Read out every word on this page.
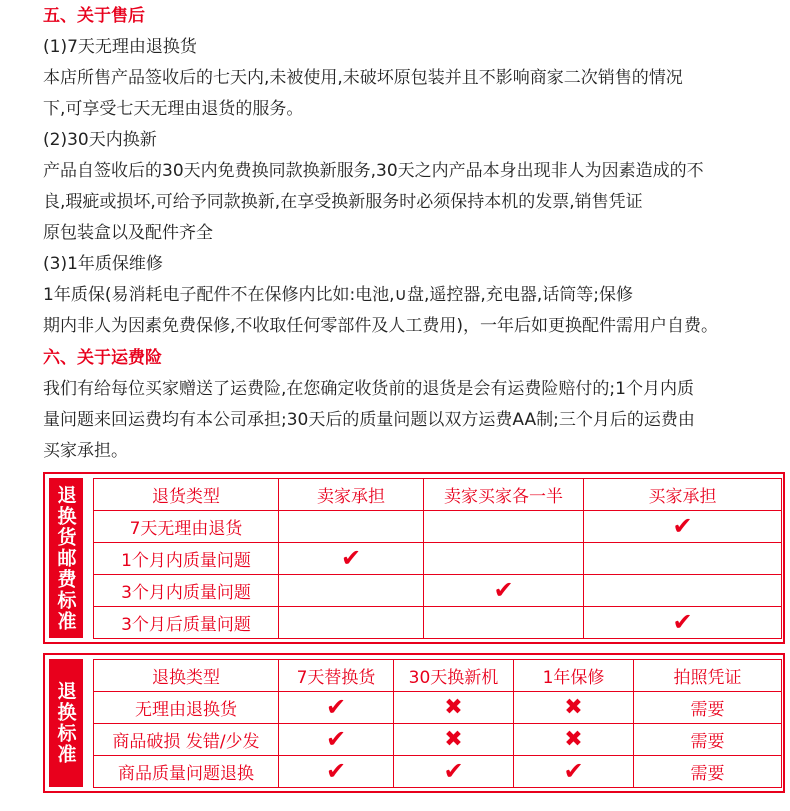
五、关于售后
(1)7天无理由退换货
本店所售产品签收后的七天内,未被使用,未破坏原包装并且不影响商家二次销售的情况
下,可享受七天无理由退货的服务。
(2)30天内换新
产品自签收后的30天内免费换同款换新服务,30天之内产品本身出现非人为因素造成的不
良,瑕疵或损坏,可给予同款换新,在享受换新服务时必须保持本机的发票,销售凭证
原包装盒以及配件齐全
(3)1年质保维修
1年质保(易消耗电子配件不在保修内比如:电池,∪盘,遥控器,充电器,话筒等;保修
期内非人为因素免费保修,不收取任何零部件及人工费用)，一年后如更换配件需用户自费。
六、关于运费险
我们有给每位买家赠送了运费险,在您确定收货前的退货是会有运费险赔付的;1个月内质
量问题来回运费均有本公司承担;30天后的质量问题以双方运费AA制;三个月后的运费由
买家承担。
退换货邮费标准	退货类型	卖家承担	卖家买家各一半	买家承担
7天无理由退货			✔
1个月内质量问题	✔		
3个月内质量问题		✔	
3个月后质量问题			✔
退换标准
退换类型	7天替换货	30天换新机	1年保修	拍照凭证
无理由退换货	✔	✖	✖	需要
商品破损 发错/少发	✔	✖	✖	需要
商品质量问题退换	✔	✔	✔	需要
